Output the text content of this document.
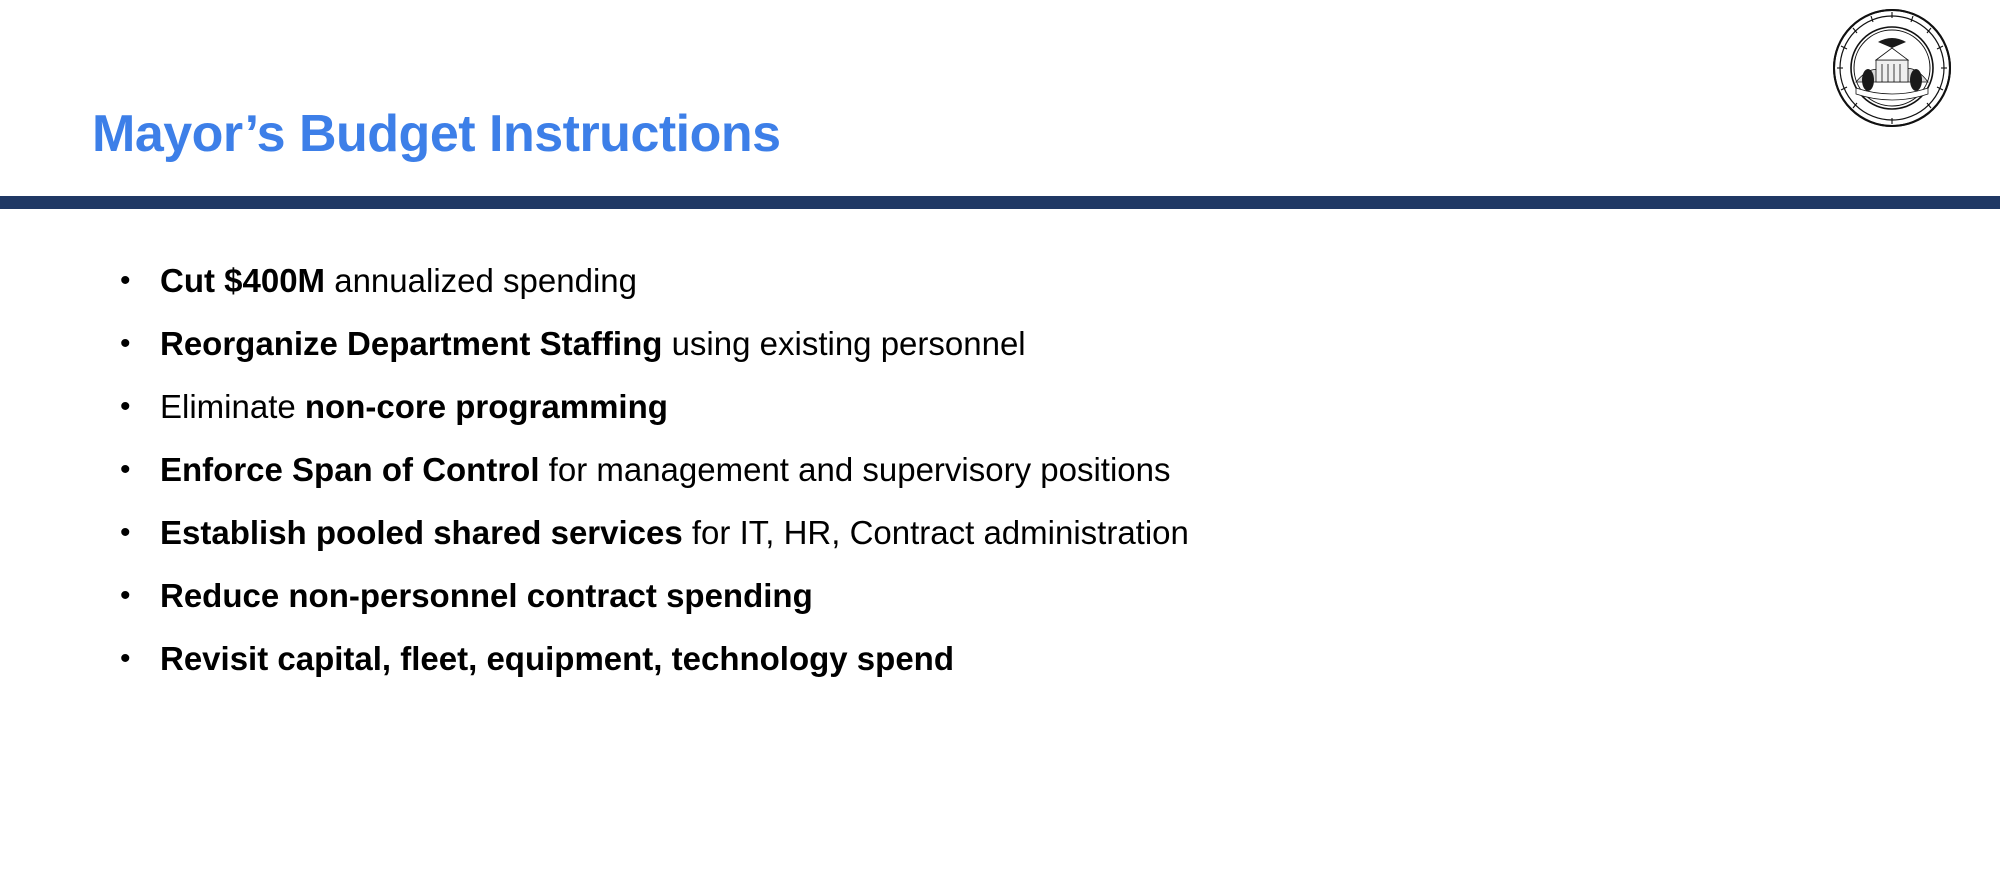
Mayor’s Budget Instructions
• Cut $400M annualized spending
• Reorganize Department Staffing using existing personnel
• Eliminate non-core programming
• Enforce Span of Control for management and supervisory positions
• Establish pooled shared services for IT, HR, Contract administration
• Reduce non-personnel contract spending
• Revisit capital, fleet, equipment, technology spend
